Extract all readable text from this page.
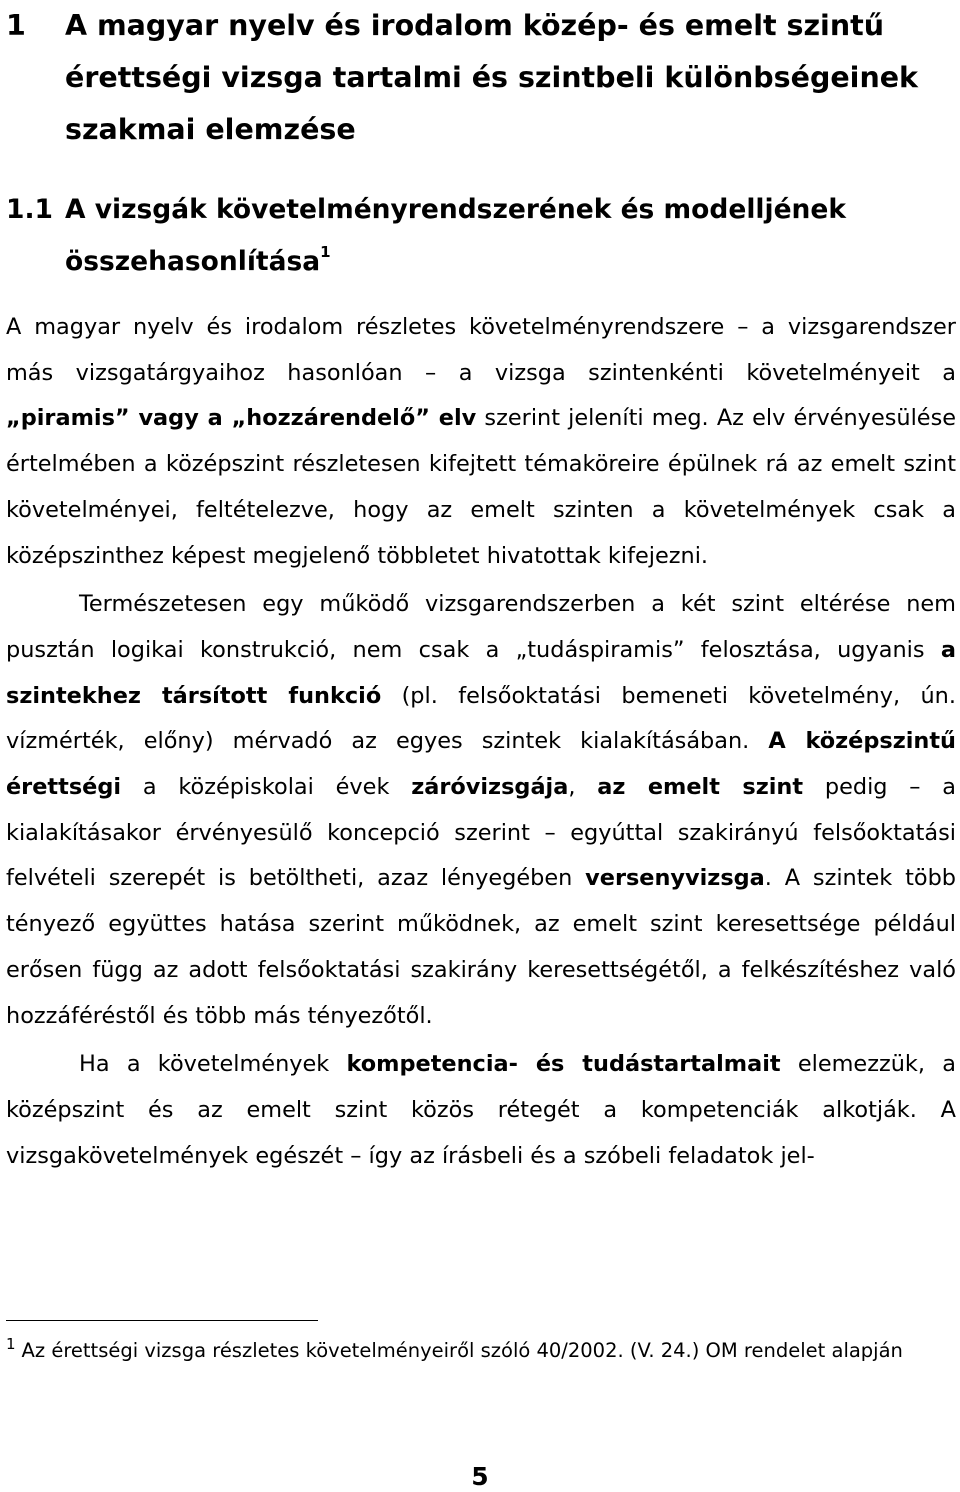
1	A magyar nyelv és irodalom közép- és emelt szintű érettségi vizsga tartalmi és szintbeli különbségeinek szakmai elemzése
1.1 A vizsgák követelményrendszerének és modelljének összehasonlítása$^1$

A magyar nyelv és irodalom részletes követelményrendszere – a vizsgarendszer más vizsgatárgyaihoz hasonlóan – a vizsga szintenkénti követelményeit a „piramis” vagy a „hozzárendelő” elv szerint jeleníti meg. Az elv érvényesülése értelmében a középszint részletesen kifejtett témaköreire épülnek rá az emelt szint követelményei, feltételezve, hogy az emelt szinten a követelmények csak a középszinthez képest megjelenő többletet hivatottak kifejezni.

Természetesen egy működő vizsgarendszerben a két szint eltérése nem pusztán logikai konstrukció, nem csak a „tudáspiramis” felosztása, ugyanis a szintekhez társított funkció (pl. felsőoktatási bemeneti követelmény, ún. vízmérték, előny) mérvadó az egyes szintek kialakításában. A középszintű érettségi a középiskolai évek záróvizsgája, az emelt szint pedig – a kialakításakor érvényesülő koncepció szerint – egyúttal szakirányú felsőoktatási felvételi szerepét is betöltheti, azaz lényegében versenyvizsga. A szintek több tényező együttes hatása szerint működnek, az emelt szint keresettsége például erősen függ az adott felsőoktatási szakirány keresettségétől, a felkészítéshez való hozzáféréstől és több más tényezőtől.

Ha a követelmények kompetencia- és tudástartalmait elemezzük, a középszint és az emelt szint közös rétegét a kompetenciák alkotják. A vizsgakövetelmények egészét – így az írásbeli és a szóbeli feladatok jel-

$^1$ Az érettségi vizsga részletes követelményeiről szóló 40/2002. (V. 24.) OM rendelet alapján
5
